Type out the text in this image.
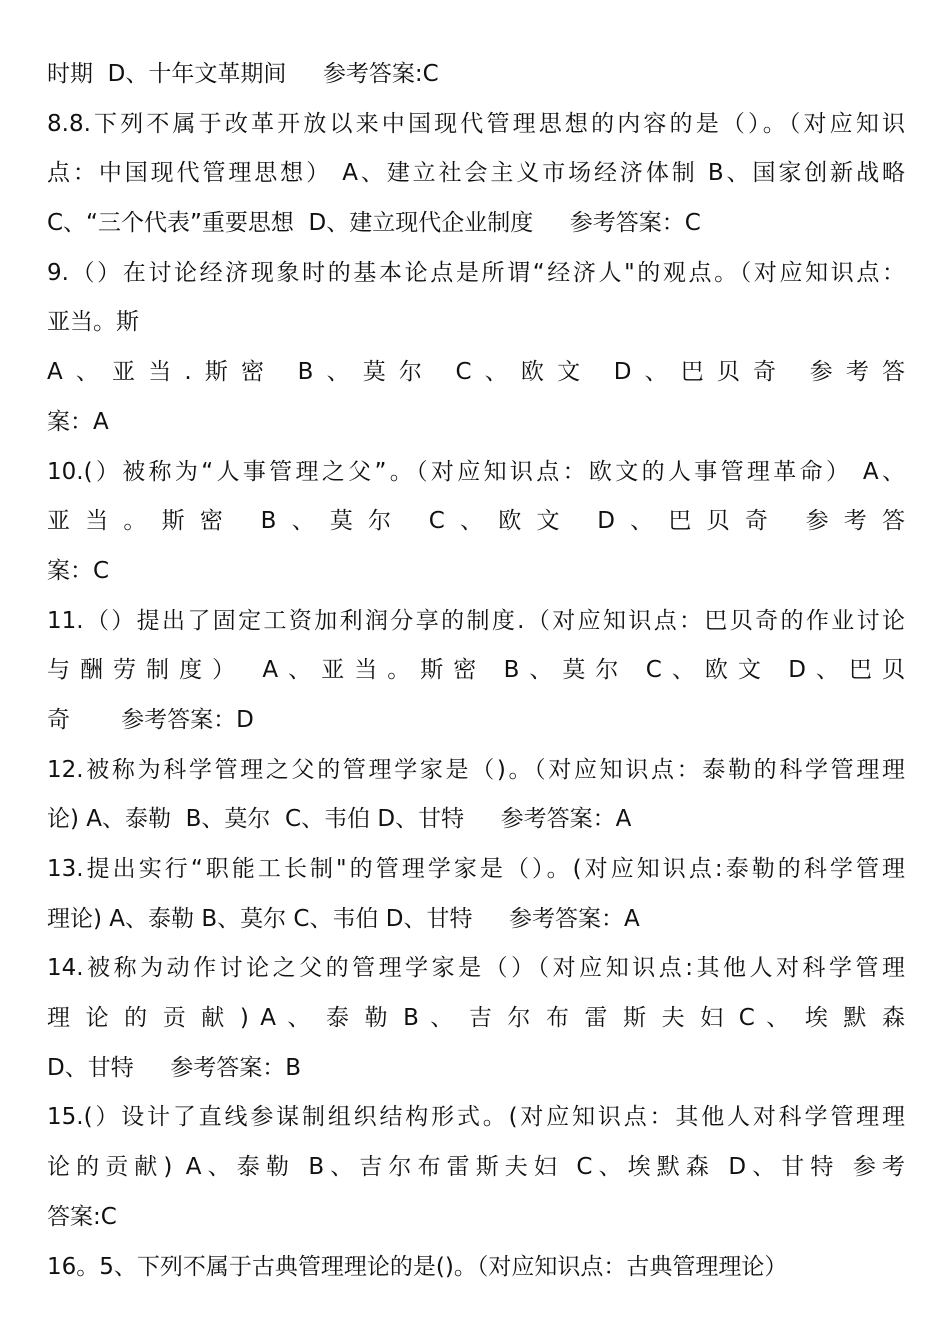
时期  D、十年文革期间     参考答案:C
8.8.下列不属于改革开放以来中国现代管理思想的内容的是（）。（对应知识
点：中国现代管理思想） A、建立社会主义市场经济体制 B、国家创新战略
C、“三个代表”重要思想  D、建立现代企业制度     参考答案：C
9.（）在讨论经济现象时的基本论点是所谓“经济人"的观点。（对应知识点：
亚当。斯
A、亚当.斯密 B、莫尔 C、欧文 D、巴贝奇 参考答
案：A
10.(）被称为“人事管理之父”。（对应知识点：欧文的人事管理革命） A、
亚当。斯密 B、莫尔 C、欧文 D、巴贝奇 参考答
案：C
11.（）提出了固定工资加利润分享的制度.（对应知识点：巴贝奇的作业讨论
与酬劳制度） A、亚当。斯密 B、莫尔 C、欧文 D、巴贝
奇       参考答案：D
12.被称为科学管理之父的管理学家是（)。（对应知识点：泰勒的科学管理理
论) A、泰勒  B、莫尔  C、韦伯 D、甘特     参考答案：A
13.提出实行“职能工长制"的管理学家是（）。(对应知识点:泰勒的科学管理
理论) A、泰勒 B、莫尔 C、韦伯 D、甘特     参考答案：A
14.被称为动作讨论之父的管理学家是（）（对应知识点:其他人对科学管理
理 论 的 贡 献 ) A 、 泰 勒 B 、 吉 尔 布 雷 斯 夫 妇 C 、 埃 默 森
D、甘特     参考答案：B
15.(）设计了直线参谋制组织结构形式。(对应知识点：其他人对科学管理理
论的贡献) A、泰勒 B、吉尔布雷斯夫妇 C、埃默森 D、甘特 参考
答案:C
16。5、下列不属于古典管理理论的是()。（对应知识点：古典管理理论）
